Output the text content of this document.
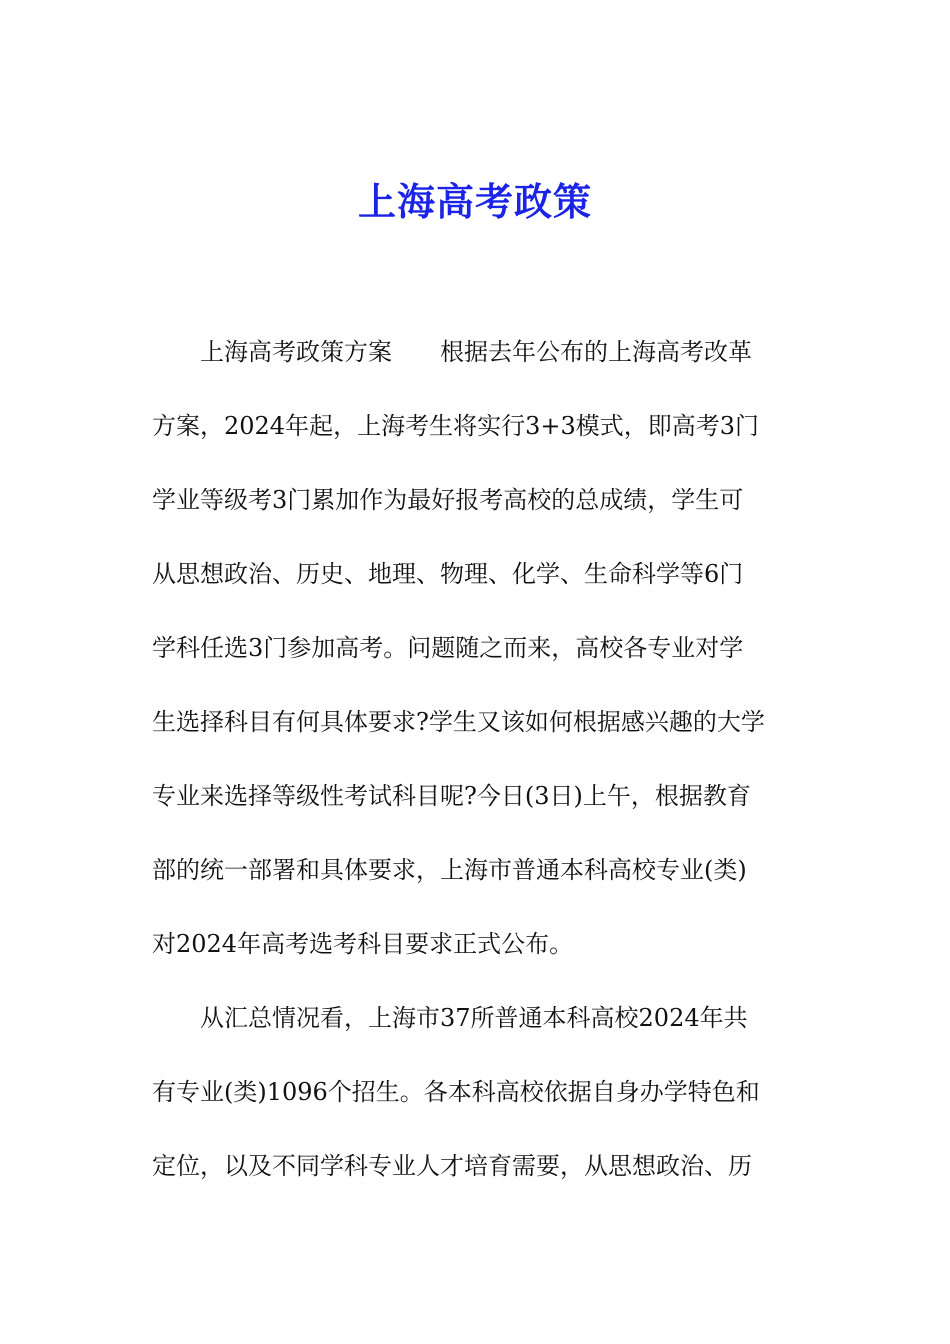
上海高考政策
　　上海高考政策方案　　根据去年公布的上海高考改革
方案，2024年起，上海考生将实行3+3模式，即高考3门
学业等级考3门累加作为最好报考高校的总成绩，学生可
从思想政治、历史、地理、物理、化学、生命科学等6门
学科任选3门参加高考。问题随之而来，高校各专业对学
生选择科目有何具体要求?学生又该如何根据感兴趣的大学
专业来选择等级性考试科目呢?今日(3日)上午，根据教育
部的统一部署和具体要求，上海市普通本科高校专业(类)
对2024年高考选考科目要求正式公布。
　　从汇总情况看，上海市37所普通本科高校2024年共
有专业(类)1096个招生。各本科高校依据自身办学特色和
定位，以及不同学科专业人才培育需要，从思想政治、历
